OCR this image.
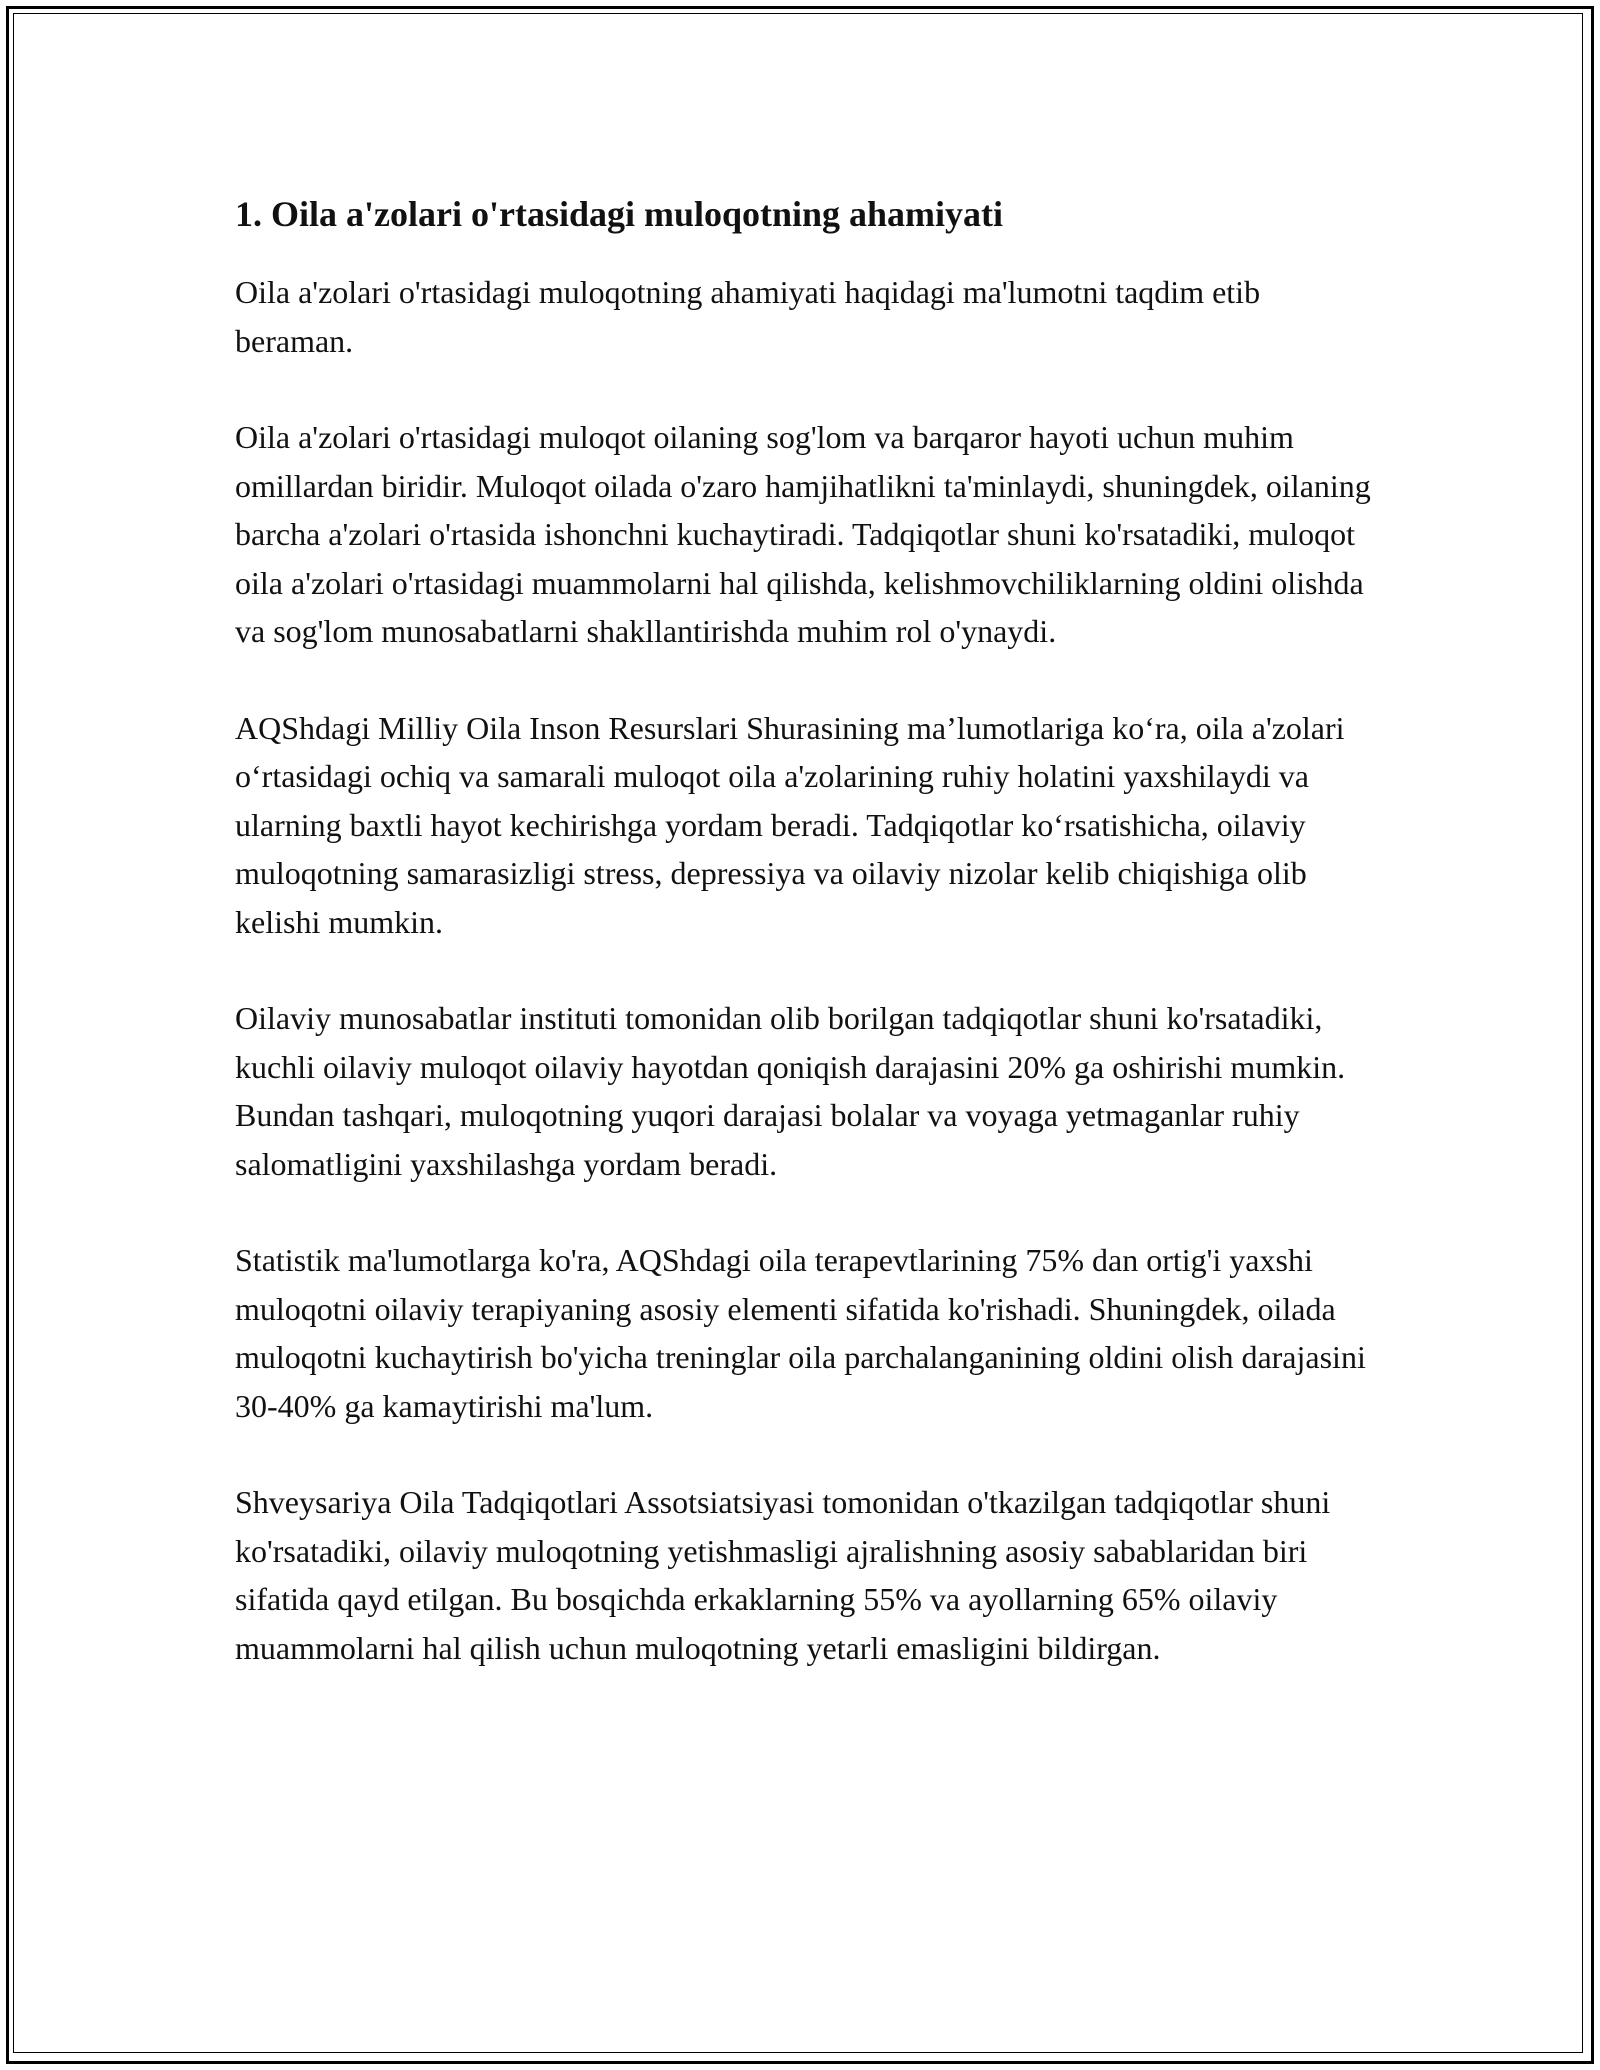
1. Oila a'zolari o'rtasidagi muloqotning ahamiyati

Oila a'zolari o'rtasidagi muloqotning ahamiyati haqidagi ma'lumotni taqdim etib beraman.

Oila a'zolari o'rtasidagi muloqot oilaning sog'lom va barqaror hayoti uchun muhim omillardan biridir. Muloqot oilada o'zaro hamjihatlikni ta'minlaydi, shuningdek, oilaning barcha a'zolari o'rtasida ishonchni kuchaytiradi. Tadqiqotlar shuni ko'rsatadiki, muloqot oila a'zolari o'rtasidagi muammolarni hal qilishda, kelishmovchiliklarning oldini olishda va sog'lom munosabatlarni shakllantirishda muhim rol o'ynaydi.

AQShdagi Milliy Oila Inson Resurslari Shurasining ma’lumotlariga ko‘ra, oila a'zolari o‘rtasidagi ochiq va samarali muloqot oila a'zolarining ruhiy holatini yaxshilaydi va ularning baxtli hayot kechirishga yordam beradi. Tadqiqotlar ko‘rsatishicha, oilaviy muloqotning samarasizligi stress, depressiya va oilaviy nizolar kelib chiqishiga olib kelishi mumkin.

Oilaviy munosabatlar instituti tomonidan olib borilgan tadqiqotlar shuni ko'rsatadiki, kuchli oilaviy muloqot oilaviy hayotdan qoniqish darajasini 20% ga oshirishi mumkin. Bundan tashqari, muloqotning yuqori darajasi bolalar va voyaga yetmaganlar ruhiy salomatligini yaxshilashga yordam beradi.

Statistik ma'lumotlarga ko'ra, AQShdagi oila terapevtlarining 75% dan ortig'i yaxshi muloqotni oilaviy terapiyaning asosiy elementi sifatida ko'rishadi. Shuningdek, oilada muloqotni kuchaytirish bo'yicha treninglar oila parchalanganining oldini olish darajasini 30-40% ga kamaytirishi ma'lum.

Shveysariya Oila Tadqiqotlari Assotsiatsiyasi tomonidan o'tkazilgan tadqiqotlar shuni ko'rsatadiki, oilaviy muloqotning yetishmasligi ajralishning asosiy sabablaridan biri sifatida qayd etilgan. Bu bosqichda erkaklarning 55% va ayollarning 65% oilaviy muammolarni hal qilish uchun muloqotning yetarli emasligini bildirgan.
